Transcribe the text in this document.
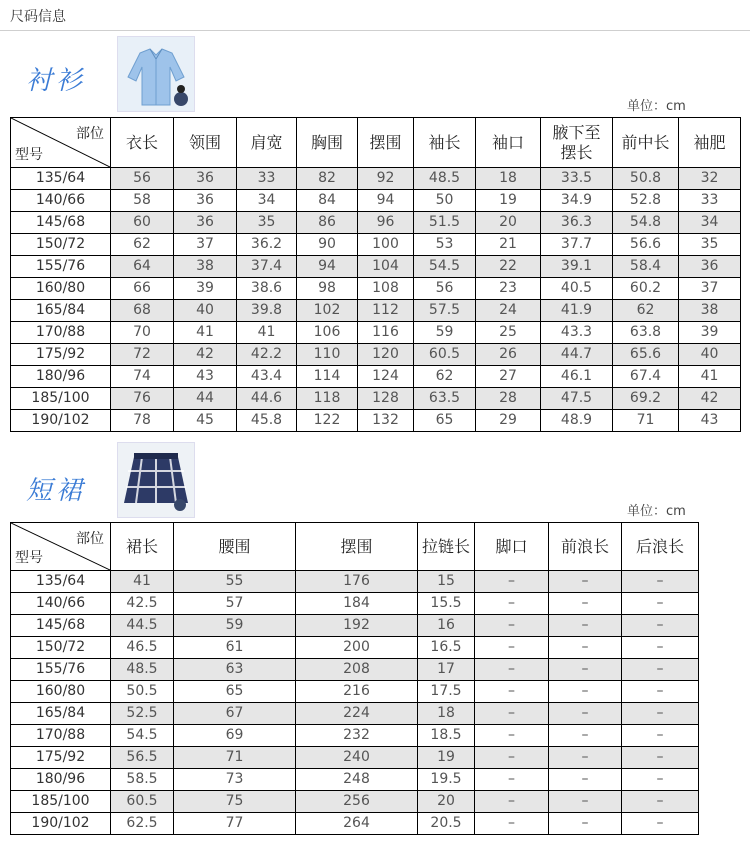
尺码信息
衬衫
单位：cm
部位
型号	衣长	领围	肩宽	胸围	摆围	袖长	袖口	腋下至摆长	前中长	袖肥
135/64	56	36	33	82	92	48.5	18	33.5	50.8	32
140/66	58	36	34	84	94	50	19	34.9	52.8	33
145/68	60	36	35	86	96	51.5	20	36.3	54.8	34
150/72	62	37	36.2	90	100	53	21	37.7	56.6	35
155/76	64	38	37.4	94	104	54.5	22	39.1	58.4	36
160/80	66	39	38.6	98	108	56	23	40.5	60.2	37
165/84	68	40	39.8	102	112	57.5	24	41.9	62	38
170/88	70	41	41	106	116	59	25	43.3	63.8	39
175/92	72	42	42.2	110	120	60.5	26	44.7	65.6	40
180/96	74	43	43.4	114	124	62	27	46.1	67.4	41
185/100	76	44	44.6	118	128	63.5	28	47.5	69.2	42
190/102	78	45	45.8	122	132	65	29	48.9	71	43
短裙
单位：cm
部位
型号	裙长	腰围	摆围	拉链长	脚口	前浪长	后浪长
135/64	41	55	176	15	–	–	–
140/66	42.5	57	184	15.5	–	–	–
145/68	44.5	59	192	16	–	–	–
150/72	46.5	61	200	16.5	–	–	–
155/76	48.5	63	208	17	–	–	–
160/80	50.5	65	216	17.5	–	–	–
165/84	52.5	67	224	18	–	–	–
170/88	54.5	69	232	18.5	–	–	–
175/92	56.5	71	240	19	–	–	–
180/96	58.5	73	248	19.5	–	–	–
185/100	60.5	75	256	20	–	–	–
190/102	62.5	77	264	20.5	–	–	–
